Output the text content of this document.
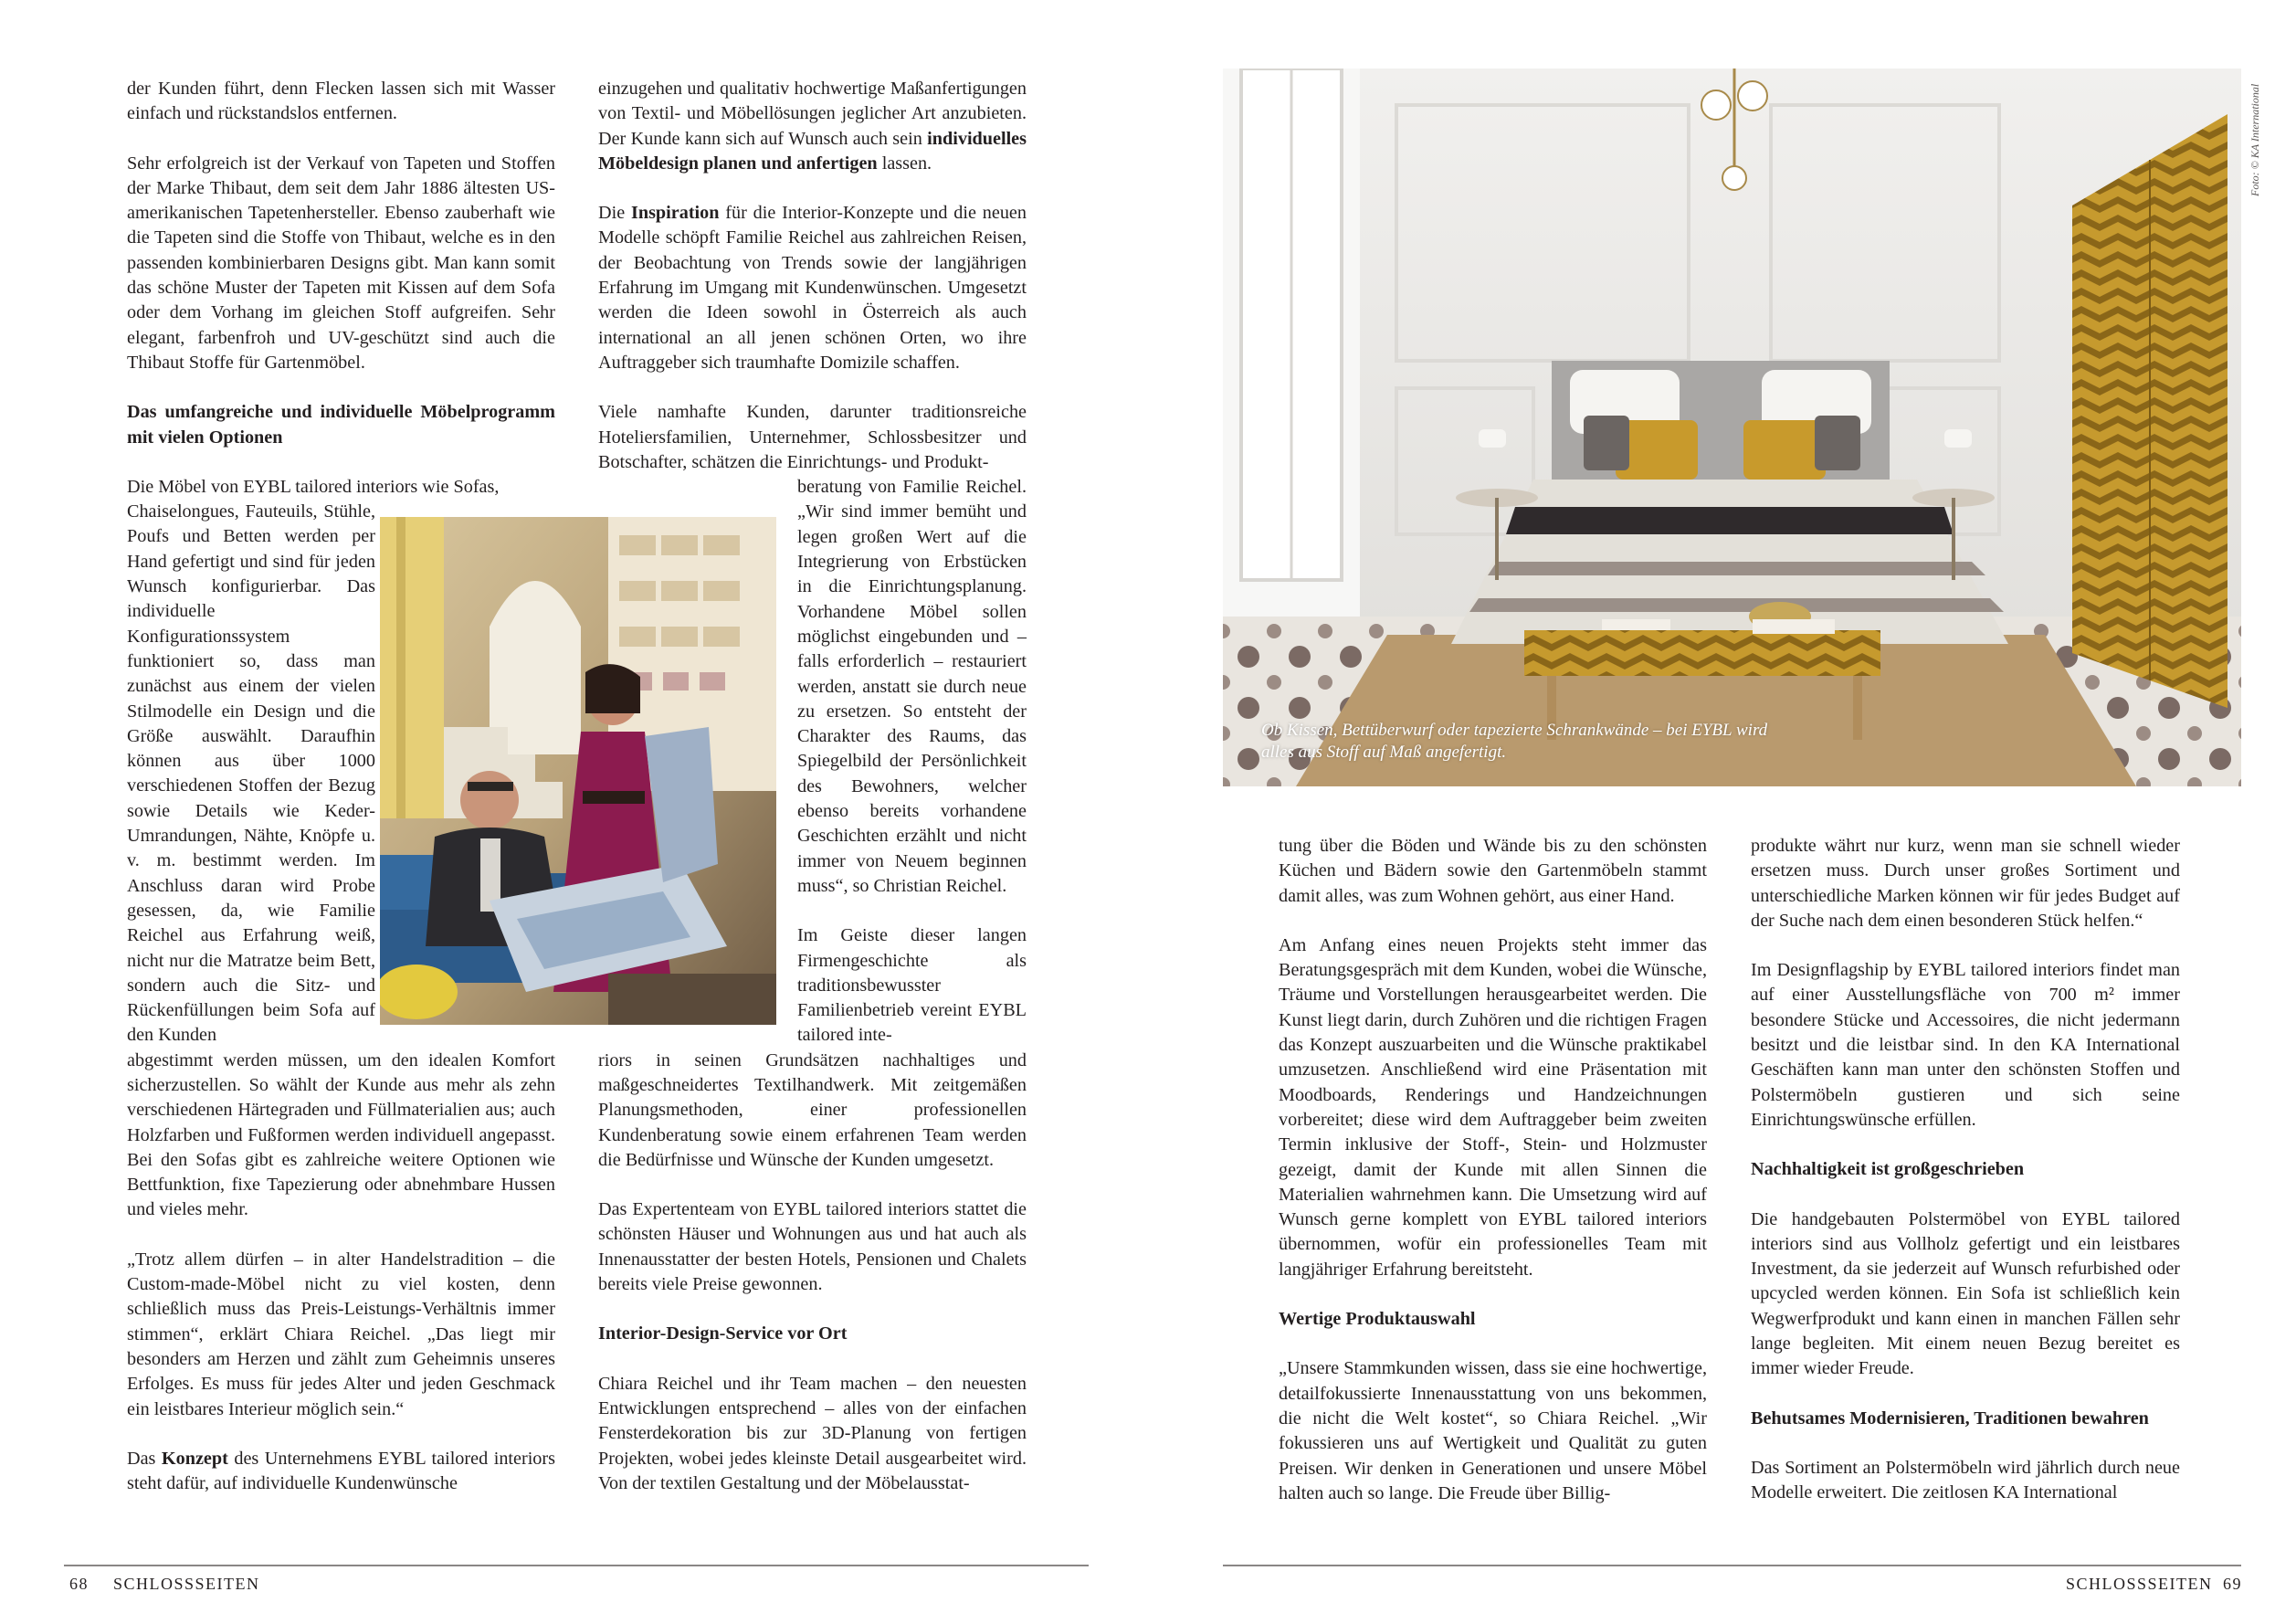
der Kunden führt, denn Flecken lassen sich mit Wasser einfach und rückstandslos entfernen.

Sehr erfolgreich ist der Verkauf von Tapeten und Stoffen der Marke Thibaut, dem seit dem Jahr 1886 ältesten US-amerikanischen Tapetenhersteller. Ebenso zauberhaft wie die Tapeten sind die Stoffe von Thibaut, welche es in den passenden kombinierbaren Designs gibt. Man kann somit das schöne Muster der Tapeten mit Kissen auf dem Sofa oder dem Vorhang im gleichen Stoff aufgreifen. Sehr elegant, farbenfroh und UV-geschützt sind auch die Thibaut Stoffe für Gartenmöbel.

Das umfangreiche und individuelle Möbelprogramm mit vielen Optionen

Die Möbel von EYBL tailored interiors wie Sofas,
Chaiselongues, Fauteuils, Stühle, Poufs und Betten werden per Hand gefertigt und sind für jeden Wunsch konfigurierbar. Das individuelle Konfigurationssystem funktioniert so, dass man zunächst aus einem der vielen Stilmodelle ein Design und die Größe auswählt. Daraufhin können aus über 1000 verschiedenen Stoffen der Bezug sowie Details wie Keder-Umrandungen, Nähte, Knöpfe u. v. m. bestimmt werden. Im Anschluss daran wird Probe gesessen, da, wie Familie Reichel aus Erfahrung weiß, nicht nur die Matratze beim Bett, sondern auch die Sitz- und Rückenfüllungen beim Sofa auf den Kunden
abgestimmt werden müssen, um den idealen Komfort sicherzustellen. So wählt der Kunde aus mehr als zehn verschiedenen Härtegraden und Füllmaterialien aus; auch Holzfarben und Fußformen werden individuell angepasst. Bei den Sofas gibt es zahlreiche weitere Optionen wie Bettfunktion, fixe Tapezierung oder abnehmbare Hussen und vieles mehr.

„Trotz allem dürfen – in alter Handelstradition – die Custom-made-Möbel nicht zu viel kosten, denn schließlich muss das Preis-Leistungs-Verhältnis immer stimmen“, erklärt Chiara Reichel. „Das liegt mir besonders am Herzen und zählt zum Geheimnis unseres Erfolges. Es muss für jedes Alter und jeden Geschmack ein leistbares Interieur möglich sein.“

Das Konzept des Unternehmens EYBL tailored interiors steht dafür, auf individuelle Kundenwünsche

einzugehen und qualitativ hochwertige Maßanfertigungen von Textil- und Möbellösungen jeglicher Art anzubieten. Der Kunde kann sich auf Wunsch auch sein individuelles Möbeldesign planen und anfertigen lassen.

Die Inspiration für die Interior-Konzepte und die neuen Modelle schöpft Familie Reichel aus zahlreichen Reisen, der Beobachtung von Trends sowie der langjährigen Erfahrung im Umgang mit Kundenwünschen. Umgesetzt werden die Ideen sowohl in Österreich als auch international an all jenen schönen Orten, wo ihre Auftraggeber sich traumhafte Domizile schaffen.

Viele namhafte Kunden, darunter traditionsreiche Hoteliersfamilien, Unternehmer, Schlossbesitzer und Botschafter, schätzen die Einrichtungs- und Produkt-
beratung von Familie Reichel. „Wir sind immer bemüht und legen großen Wert auf die Integrierung von Erbstücken in die Einrichtungsplanung. Vorhandene Möbel sollen möglichst eingebunden und – falls erforderlich – restauriert werden, anstatt sie durch neue zu ersetzen. So entsteht der Charakter des Raums, das Spiegelbild der Persönlichkeit des Bewohners, welcher ebenso bereits vorhandene Geschichten erzählt und nicht immer von Neuem beginnen muss“, so Christian Reichel.

Im Geiste dieser langen Firmengeschichte als traditionsbewusster Familienbetrieb vereint EYBL tailored inte-
riors in seinen Grundsätzen nachhaltiges und maßgeschneidertes Textilhandwerk. Mit zeitgemäßen Planungsmethoden, einer professionellen Kundenberatung sowie einem erfahrenen Team werden die Bedürfnisse und Wünsche der Kunden umgesetzt.

Das Expertenteam von EYBL tailored interiors stattet die schönsten Häuser und Wohnungen aus und hat auch als Innenausstatter der besten Hotels, Pensionen und Chalets bereits viele Preise gewonnen.

Interior-Design-Service vor Ort

Chiara Reichel und ihr Team machen – den neuesten Entwicklungen entsprechend – alles von der einfachen Fensterdekoration bis zur 3D-Planung von fertigen Projekten, wobei jedes kleinste Detail ausgearbeitet wird. Von der textilen Gestaltung und der Möbelausstat-

Ob Kissen, Bettüberwurf oder tapezierte Schrankwände – bei EYBL wird alles aus Stoff auf Maß angefertigt.
Foto: © KA International

tung über die Böden und Wände bis zu den schönsten Küchen und Bädern sowie den Gartenmöbeln stammt damit alles, was zum Wohnen gehört, aus einer Hand.

Am Anfang eines neuen Projekts steht immer das Beratungsgespräch mit dem Kunden, wobei die Wünsche, Träume und Vorstellungen herausgearbeitet werden. Die Kunst liegt darin, durch Zuhören und die richtigen Fragen das Konzept auszuarbeiten und die Wünsche praktikabel umzusetzen. Anschließend wird eine Präsentation mit Moodboards, Renderings und Handzeichnungen vorbereitet; diese wird dem Auftraggeber beim zweiten Termin inklusive der Stoff-, Stein- und Holzmuster gezeigt, damit der Kunde mit allen Sinnen die Materialien wahrnehmen kann. Die Umsetzung wird auf Wunsch gerne komplett von EYBL tailored interiors übernommen, wofür ein professionelles Team mit langjähriger Erfahrung bereitsteht.

Wertige Produktauswahl

„Unsere Stammkunden wissen, dass sie eine hochwertige, detailfokussierte Innenausstattung von uns bekommen, die nicht die Welt kostet“, so Chiara Reichel. „Wir fokussieren uns auf Wertigkeit und Qualität zu guten Preisen. Wir denken in Generationen und unsere Möbel halten auch so lange. Die Freude über Billig-

produkte währt nur kurz, wenn man sie schnell wieder ersetzen muss. Durch unser großes Sortiment und unterschiedliche Marken können wir für jedes Budget auf der Suche nach dem einen besonderen Stück helfen.“

Im Designflagship by EYBL tailored interiors findet man auf einer Ausstellungsfläche von 700 m² immer besondere Stücke und Accessoires, die nicht jedermann besitzt und die leistbar sind. In den KA International Geschäften kann man unter den schönsten Stoffen und Polstermöbeln gustieren und sich seine Einrichtungswünsche erfüllen.

Nachhaltigkeit ist großgeschrieben

Die handgebauten Polstermöbel von EYBL tailored interiors sind aus Vollholz gefertigt und ein leistbares Investment, da sie jederzeit auf Wunsch refurbished oder upcycled werden können. Ein Sofa ist schließlich kein Wegwerfprodukt und kann einen in manchen Fällen sehr lange begleiten. Mit einem neuen Bezug bereitet es immer wieder Freude.

Behutsames Modernisieren, Traditionen bewahren

Das Sortiment an Polstermöbeln wird jährlich durch neue Modelle erweitert. Die zeitlosen KA International

68 SCHLOSSSEITEN	SCHLOSSSEITEN 69
